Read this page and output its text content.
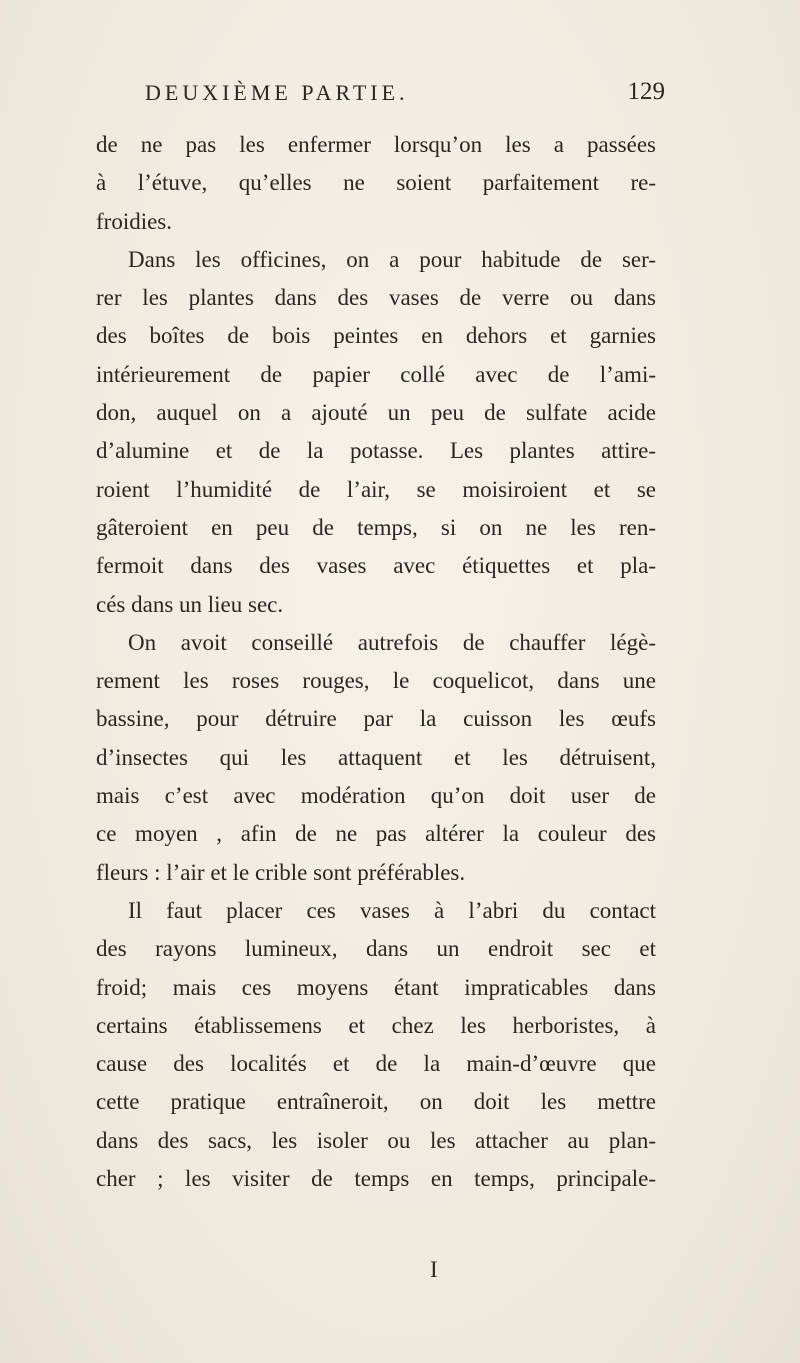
DEUXIÈME PARTIE.	129
de ne pas les enfermer lorsqu’on les a passées
à l’étuve, qu’elles ne soient parfaitement re-
froidies.
Dans les officines, on a pour habitude de ser-
rer les plantes dans des vases de verre ou dans
des boîtes de bois peintes en dehors et garnies
intérieurement de papier collé avec de l’ami-
don, auquel on a ajouté un peu de sulfate acide
d’alumine et de la potasse. Les plantes attire-
roient l’humidité de l’air, se moisiroient et se
gâteroient en peu de temps, si on ne les ren-
fermoit dans des vases avec étiquettes et pla-
cés dans un lieu sec.
On avoit conseillé autrefois de chauffer légè-
rement les roses rouges, le coquelicot, dans une
bassine, pour détruire par la cuisson les œufs
d’insectes qui les attaquent et les détruisent,
mais c’est avec modération qu’on doit user de
ce moyen , afin de ne pas altérer la couleur des
fleurs : l’air et le crible sont préférables.
Il faut placer ces vases à l’abri du contact
des rayons lumineux, dans un endroit sec et
froid; mais ces moyens étant impraticables dans
certains établissemens et chez les herboristes, à
cause des localités et de la main-d’œuvre que
cette pratique entraîneroit, on doit les mettre
dans des sacs, les isoler ou les attacher au plan-
cher ; les visiter de temps en temps, principale-
I
